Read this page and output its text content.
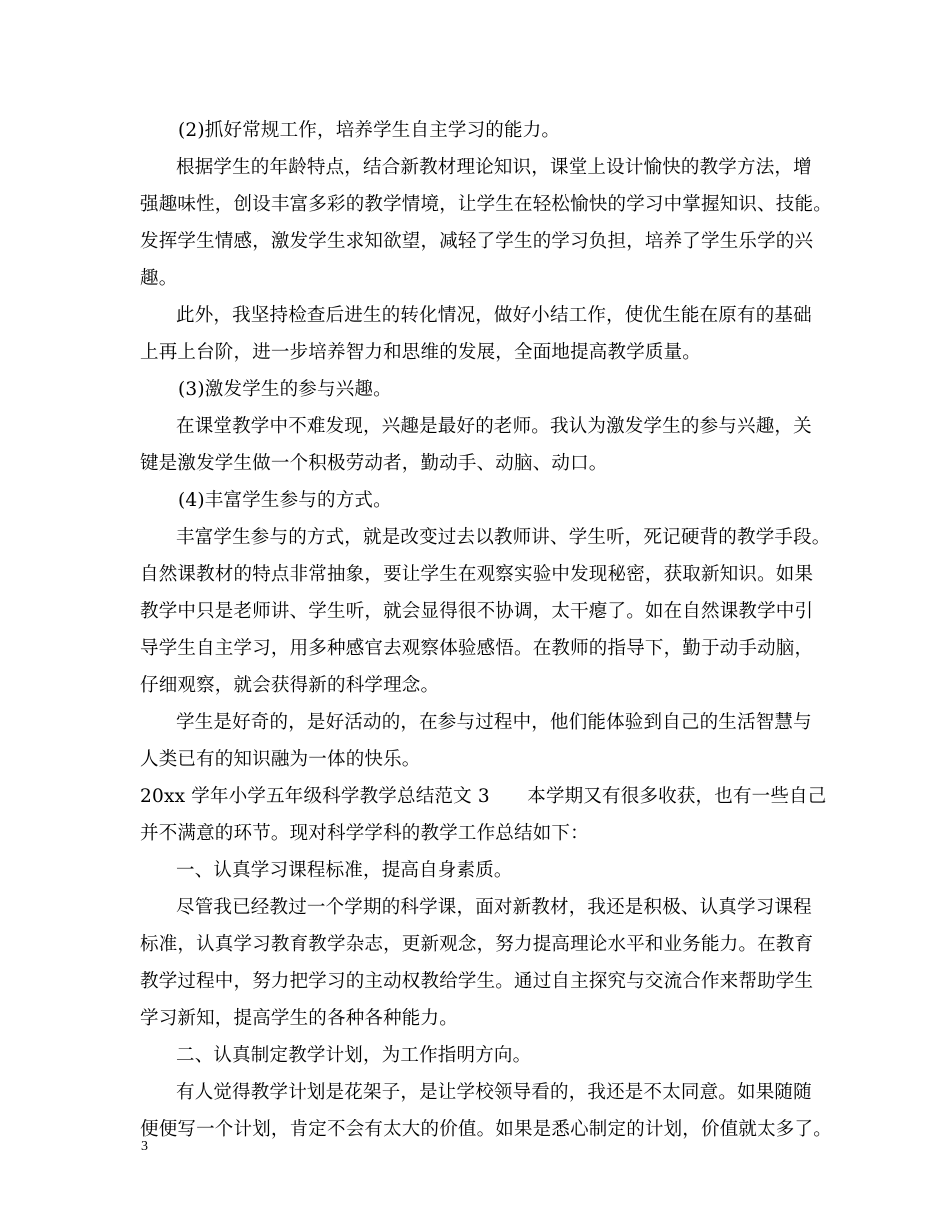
(2)抓好常规工作，培养学生自主学习的能力。
根据学生的年龄特点，结合新教材理论知识，课堂上设计愉快的教学方法，增
强趣味性，创设丰富多彩的教学情境，让学生在轻松愉快的学习中掌握知识、技能。
发挥学生情感，激发学生求知欲望，减轻了学生的学习负担，培养了学生乐学的兴
趣。
此外，我坚持检查后进生的转化情况，做好小结工作，使优生能在原有的基础
上再上台阶，进一步培养智力和思维的发展，全面地提高教学质量。
(3)激发学生的参与兴趣。
在课堂教学中不难发现，兴趣是最好的老师。我认为激发学生的参与兴趣，关
键是激发学生做一个积极劳动者，勤动手、动脑、动口。
(4)丰富学生参与的方式。
丰富学生参与的方式，就是改变过去以教师讲、学生听，死记硬背的教学手段。
自然课教材的特点非常抽象，要让学生在观察实验中发现秘密，获取新知识。如果
教学中只是老师讲、学生听，就会显得很不协调，太干瘪了。如在自然课教学中引
导学生自主学习，用多种感官去观察体验感悟。在教师的指导下，勤于动手动脑，
仔细观察，就会获得新的科学理念。
学生是好奇的，是好活动的，在参与过程中，他们能体验到自己的生活智慧与
人类已有的知识融为一体的快乐。
20xx 学年小学五年级科学教学总结范文 3　　本学期又有很多收获，也有一些自己
并不满意的环节。现对科学学科的教学工作总结如下：
一、认真学习课程标准，提高自身素质。
尽管我已经教过一个学期的科学课，面对新教材，我还是积极、认真学习课程
标准，认真学习教育教学杂志，更新观念，努力提高理论水平和业务能力。在教育
教学过程中，努力把学习的主动权教给学生。通过自主探究与交流合作来帮助学生
学习新知，提高学生的各种各种能力。
二、认真制定教学计划，为工作指明方向。
有人觉得教学计划是花架子，是让学校领导看的，我还是不太同意。如果随随
便便写一个计划，肯定不会有太大的价值。如果是悉心制定的计划，价值就太多了。
3
